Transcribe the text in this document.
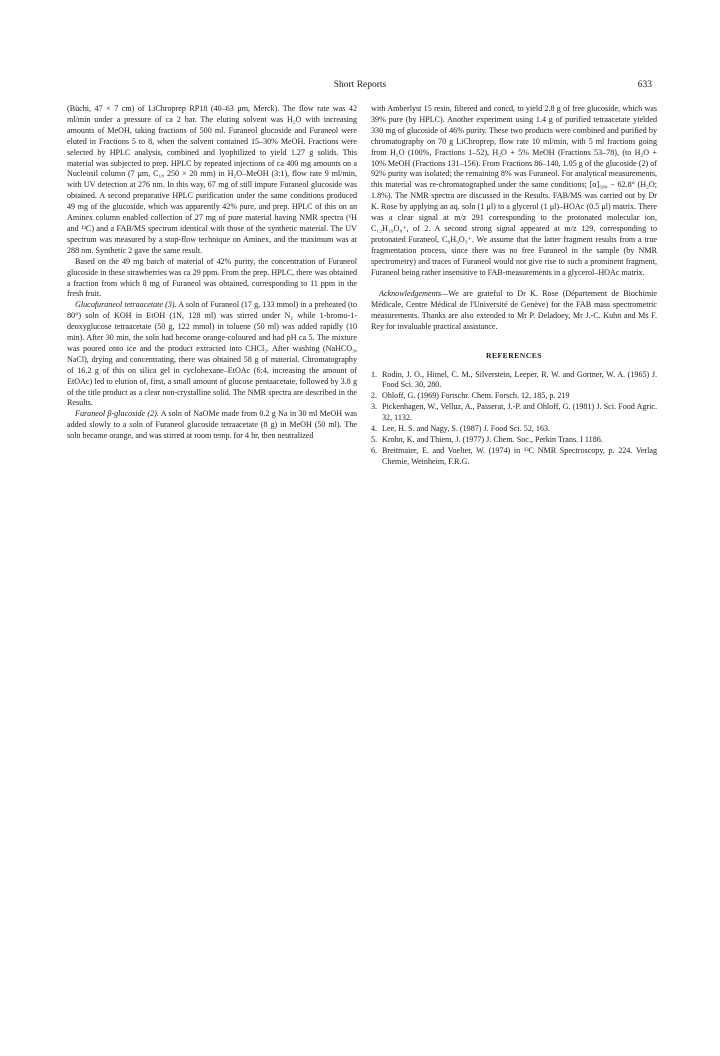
Short Reports	633

(Büchi, 47 × 7 cm) of LiChroprep RP18 (40–63 μm, Merck). The flow rate was 42 ml/min under a pressure of ca 2 bar. The eluting solvent was H₂O with increasing amounts of MeOH, taking fractions of 500 ml. Furaneol glucoside and Furaneol were eluted in Fractions 5 to 8, when the solvent contained 15–30% MeOH. Fractions were selected by HPLC analysis, combined and lyophilized to yield 1.27 g solids. This material was subjected to prep. HPLC by repeated injections of ca 400 mg amounts on a Nucleosil column (7 μm, C₁₈ 250 × 20 mm) in H₂O–MeOH (3:1), flow rate 9 ml/min, with UV detection at 276 nm. In this way, 67 mg of still impure Furaneol glucoside was obtained. A second preparative HPLC purification under the same conditions produced 49 mg of the glucoside, which was apparently 42% pure, and prep. HPLC of this on an Aminex column enabled collection of 27 mg of pure material having NMR spectra (¹H and ¹³C) and a FAB/MS spectrum identical with those of the synthetic material. The UV spectrum was measured by a stop-flow technique on Aminex, and the maximum was at 288 nm. Synthetic 2 gave the same result.

Based on the 49 mg batch of material of 42% purity, the concentration of Furaneol glucoside in these strawberries was ca 29 ppm. From the prep. HPLC, there was obtained a fraction from which 8 mg of Furaneol was obtained, corresponding to 11 ppm in the fresh fruit.

Glucofuraneol tetraacetate (3). A soln of Furaneol (17 g, 133 mmol) in a preheated (to 80°) soln of KOH in EtOH (1N, 128 ml) was stirred under N₂ while 1-bromo-1-deoxyglucose tetraacetate (50 g, 122 mmol) in toluene (50 ml) was added rapidly (10 min). After 30 min, the soln had become orange-coloured and had pH ca 5. The mixture was poured onto ice and the product extracted into CHCl₃. After washing (NaHCO₃, NaCl), drying and concentrating, there was obtained 58 g of material. Chromatography of 16.2 g of this on silica gel in cyclohexane–EtOAc (6:4, increasing the amount of EtOAc) led to elution of, first, a small amount of glucose pentaacetate, followed by 3.8 g of the title product as a clear non-crystalline solid. The NMR spectra are described in the Results.

Furaneol β-glucoside (2). A soln of NaOMe made from 0.2 g Na in 30 ml MeOH was added slowly to a soln of Furaneol glucoside tetraacetate (8 g) in MeOH (50 ml). The soln became orange, and was stirred at room temp. for 4 hr, then neutralized

with Amberlyst 15 resin, filtered and concd, to yield 2.8 g of free glucoside, which was 39% pure (by HPLC). Another experiment using 1.4 g of purified tetraacetate yielded 330 mg of glucoside of 46% purity. These two products were combined and purified by chromatography on 70 g LiChroprep, flow rate 10 ml/min, with 5 ml fractions going from H₂O (100%, Fractions 1–52), H₂O + 5% MeOH (Fractions 53–78), (to H₂O + 10% MeOH (Fractions 131–156). From Fractions 86–140, 1.05 g of the glucoside (2) of 92% purity was isolated; the remaining 8% was Furaneol. For analytical measurements, this material was re-chromatographed under the same conditions; [α]₅₈₉ − 62.8° (H₂O; 1.8%). The NMR spectra are discussed in the Results. FAB/MS was carried out by Dr K. Rose by applying an aq. soln (1 μl) to a glycerol (1 μl)–HOAc (0.5 μl) matrix. There was a clear signal at m/z 291 corresponding to the protonated molecular ion, C₁₂H₁₉O₈⁺, of 2. A second strong signal appeared at m/z 129, corresponding to protonated Furaneol, C₆H₉O₃⁺. We assume that the latter fragment results from a true fragmentation process, since there was no free Furaneol in the sample (by NMR spectrometry) and traces of Furaneol would not give rise to such a prominent fragment, Furaneol being rather insensitive to FAB-measurements in a glycerol–HOAc matrix.

Acknowledgements—We are grateful to Dr K. Rose (Département de Biochimie Médicale, Centre Médical de l'Université de Genève) for the FAB mass spectrometric measurements. Thanks are also extended to Mr P. Deladoey, Mr J.-C. Kuhn and Ms F. Rey for invaluable practical assistance.

REFERENCES
1. Rodin, J. O., Himel, C. M., Silverstein, Leeper, R. W. and Gortner, W. A. (1965) J. Food Sci. 30, 280.
2. Ohloff, G. (1969) Fortschr. Chem. Forsch. 12, 185, p. 219
3. Pickenhagen, W., Velluz, A., Passerat, J.-P. and Ohloff, G. (1981) J. Sci. Food Agric. 32, 1132.
4. Lee, H. S. and Nagy, S. (1987) J. Food Sci. 52, 163.
5. Krohn, K. and Thiem, J. (1977) J. Chem. Soc., Perkin Trans. I 1186.
6. Breitmaier, E. and Voelter, W. (1974) in ¹³C NMR Spectroscopy, p. 224. Verlag Chemie, Weinheim, F.R.G.
